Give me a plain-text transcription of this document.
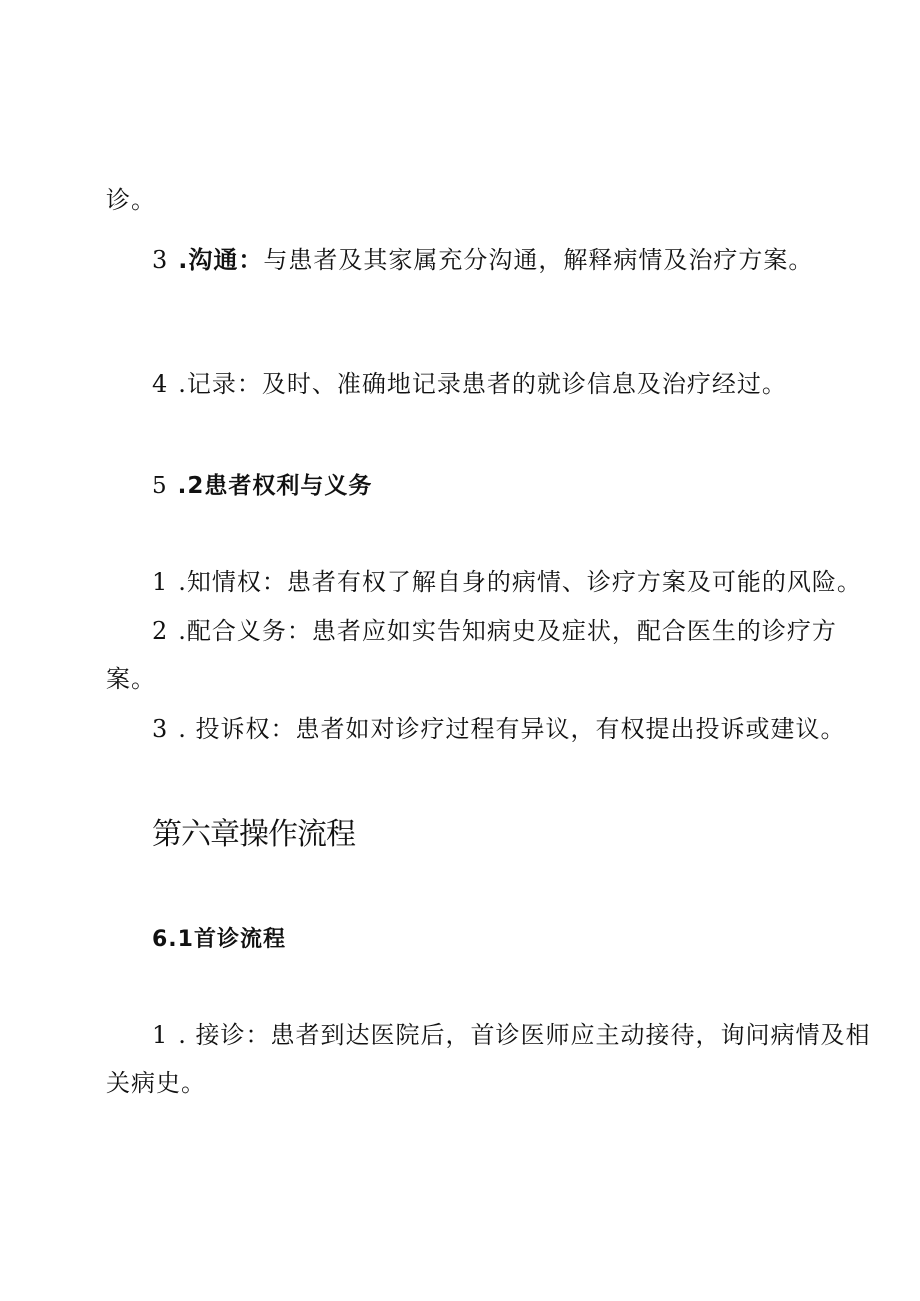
诊。
3 .沟通：与患者及其家属充分沟通，解释病情及治疗方案。
4 .记录：及时、准确地记录患者的就诊信息及治疗经过。
5 .2患者权利与义务
1 .知情权：患者有权了解自身的病情、诊疗方案及可能的风险。
2 .配合义务：患者应如实告知病史及症状，配合医生的诊疗方
案。
3 . 投诉权：患者如对诊疗过程有异议，有权提出投诉或建议。
第六章操作流程
6.1首诊流程
1 . 接诊：患者到达医院后，首诊医师应主动接待，询问病情及相
关病史。
